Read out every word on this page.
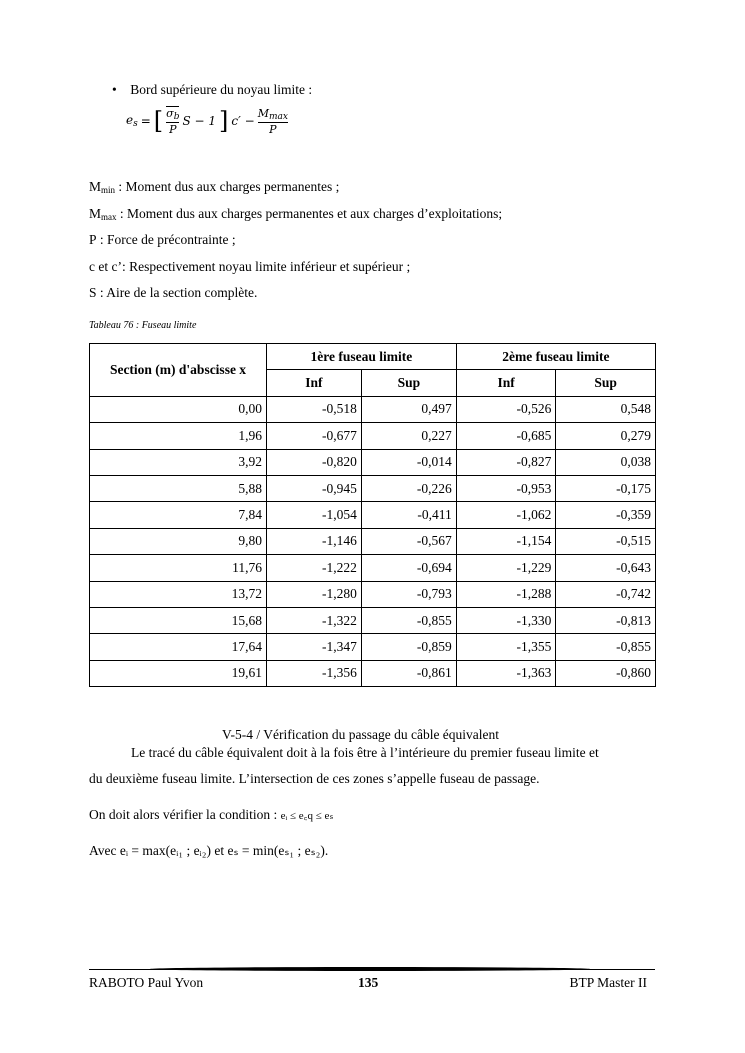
•    Bord supérieure du noyau limite :
$e_s$ = [ $\sigma_b$
P
S − 1 ] c′ −
$M_{max}$
P
$M_{min}$ : Moment dus aux charges permanentes ;
$M_{max}$ : Moment dus aux charges permanentes et aux charges d’exploitations;
P : Force de précontrainte ;
c et c’: Respectivement noyau limite inférieur et supérieur ;
S : Aire de la section complète.
Tableau 76 : Fuseau limite
Section (m) d'abscisse x	1ère fuseau limite		2ème fuseau limite	
	Inf	Sup	Inf	Sup
0,00	-0,518	0,497	-0,526	0,548
1,96	-0,677	0,227	-0,685	0,279
3,92	-0,820	-0,014	-0,827	0,038
5,88	-0,945	-0,226	-0,953	-0,175
7,84	-1,054	-0,411	-1,062	-0,359
9,80	-1,146	-0,567	-1,154	-0,515
11,76	-1,222	-0,694	-1,229	-0,643
13,72	-1,280	-0,793	-1,288	-0,742
15,68	-1,322	-0,855	-1,330	-0,813
17,64	-1,347	-0,859	-1,355	-0,855
19,61	-1,356	-0,861	-1,363	-0,860
V-5-4 / Vérification du passage du câble équivalent
Le tracé du câble équivalent doit à la fois être à l’intérieure du premier fuseau limite et
du deuxième fuseau limite. L’intersection de ces zones s’appelle fuseau de passage.
On doit alors vérifier la condition : eᵢ ≤ e꜀q ≤ eₛ
Avec eᵢ = max(eᵢ₁ ; eᵢ₂) et eₛ = min(eₛ₁ ; eₛ₂).
RABOTO Paul Yvon	135	BTP Master II
